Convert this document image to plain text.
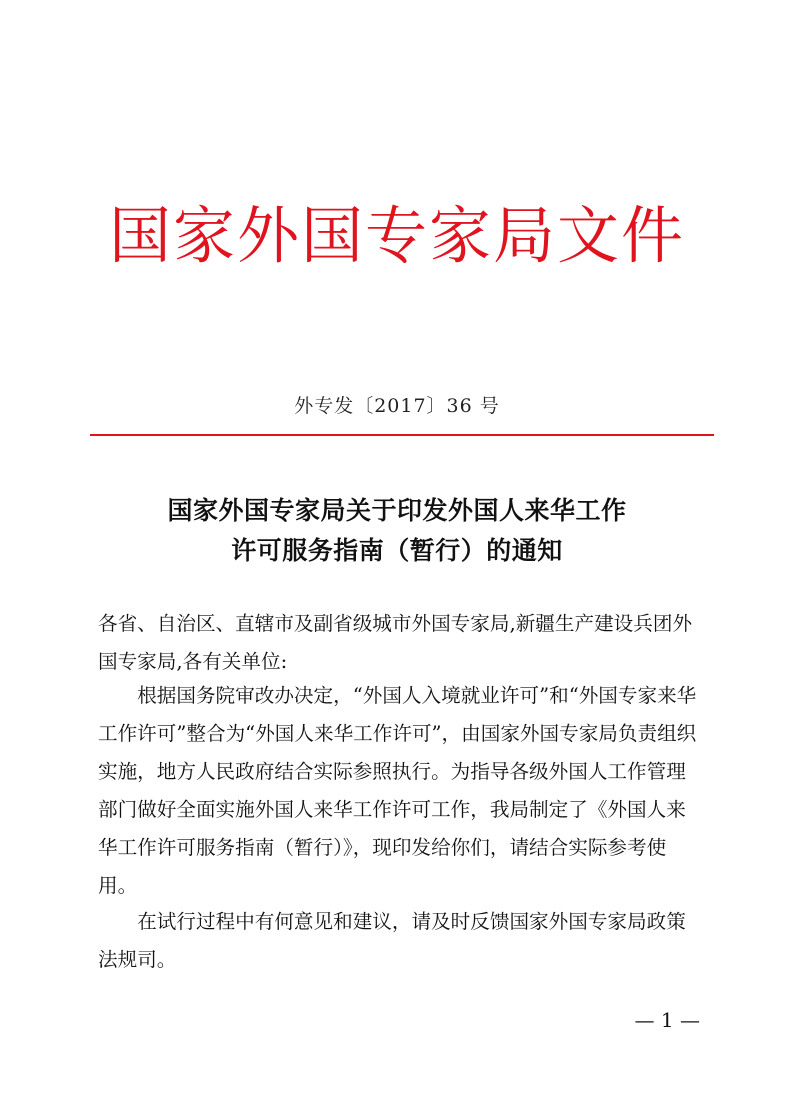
国家外国专家局文件
外专发〔2017〕36 号
国家外国专家局关于印发外国人来华工作
许可服务指南（暂行）的通知
各省、自治区、直辖市及副省级城市外国专家局,新疆生产建设兵团外国专家局,各有关单位:
根据国务院审改办决定，“外国人入境就业许可”和“外国专家来华工作许可”整合为“外国人来华工作许可”，由国家外国专家局负责组织实施，地方人民政府结合实际参照执行。为指导各级外国人工作管理部门做好全面实施外国人来华工作许可工作，我局制定了《外国人来华工作许可服务指南（暂行）》，现印发给你们，请结合实际参考使用。
在试行过程中有何意见和建议，请及时反馈国家外国专家局政策法规司。
— 1 —
